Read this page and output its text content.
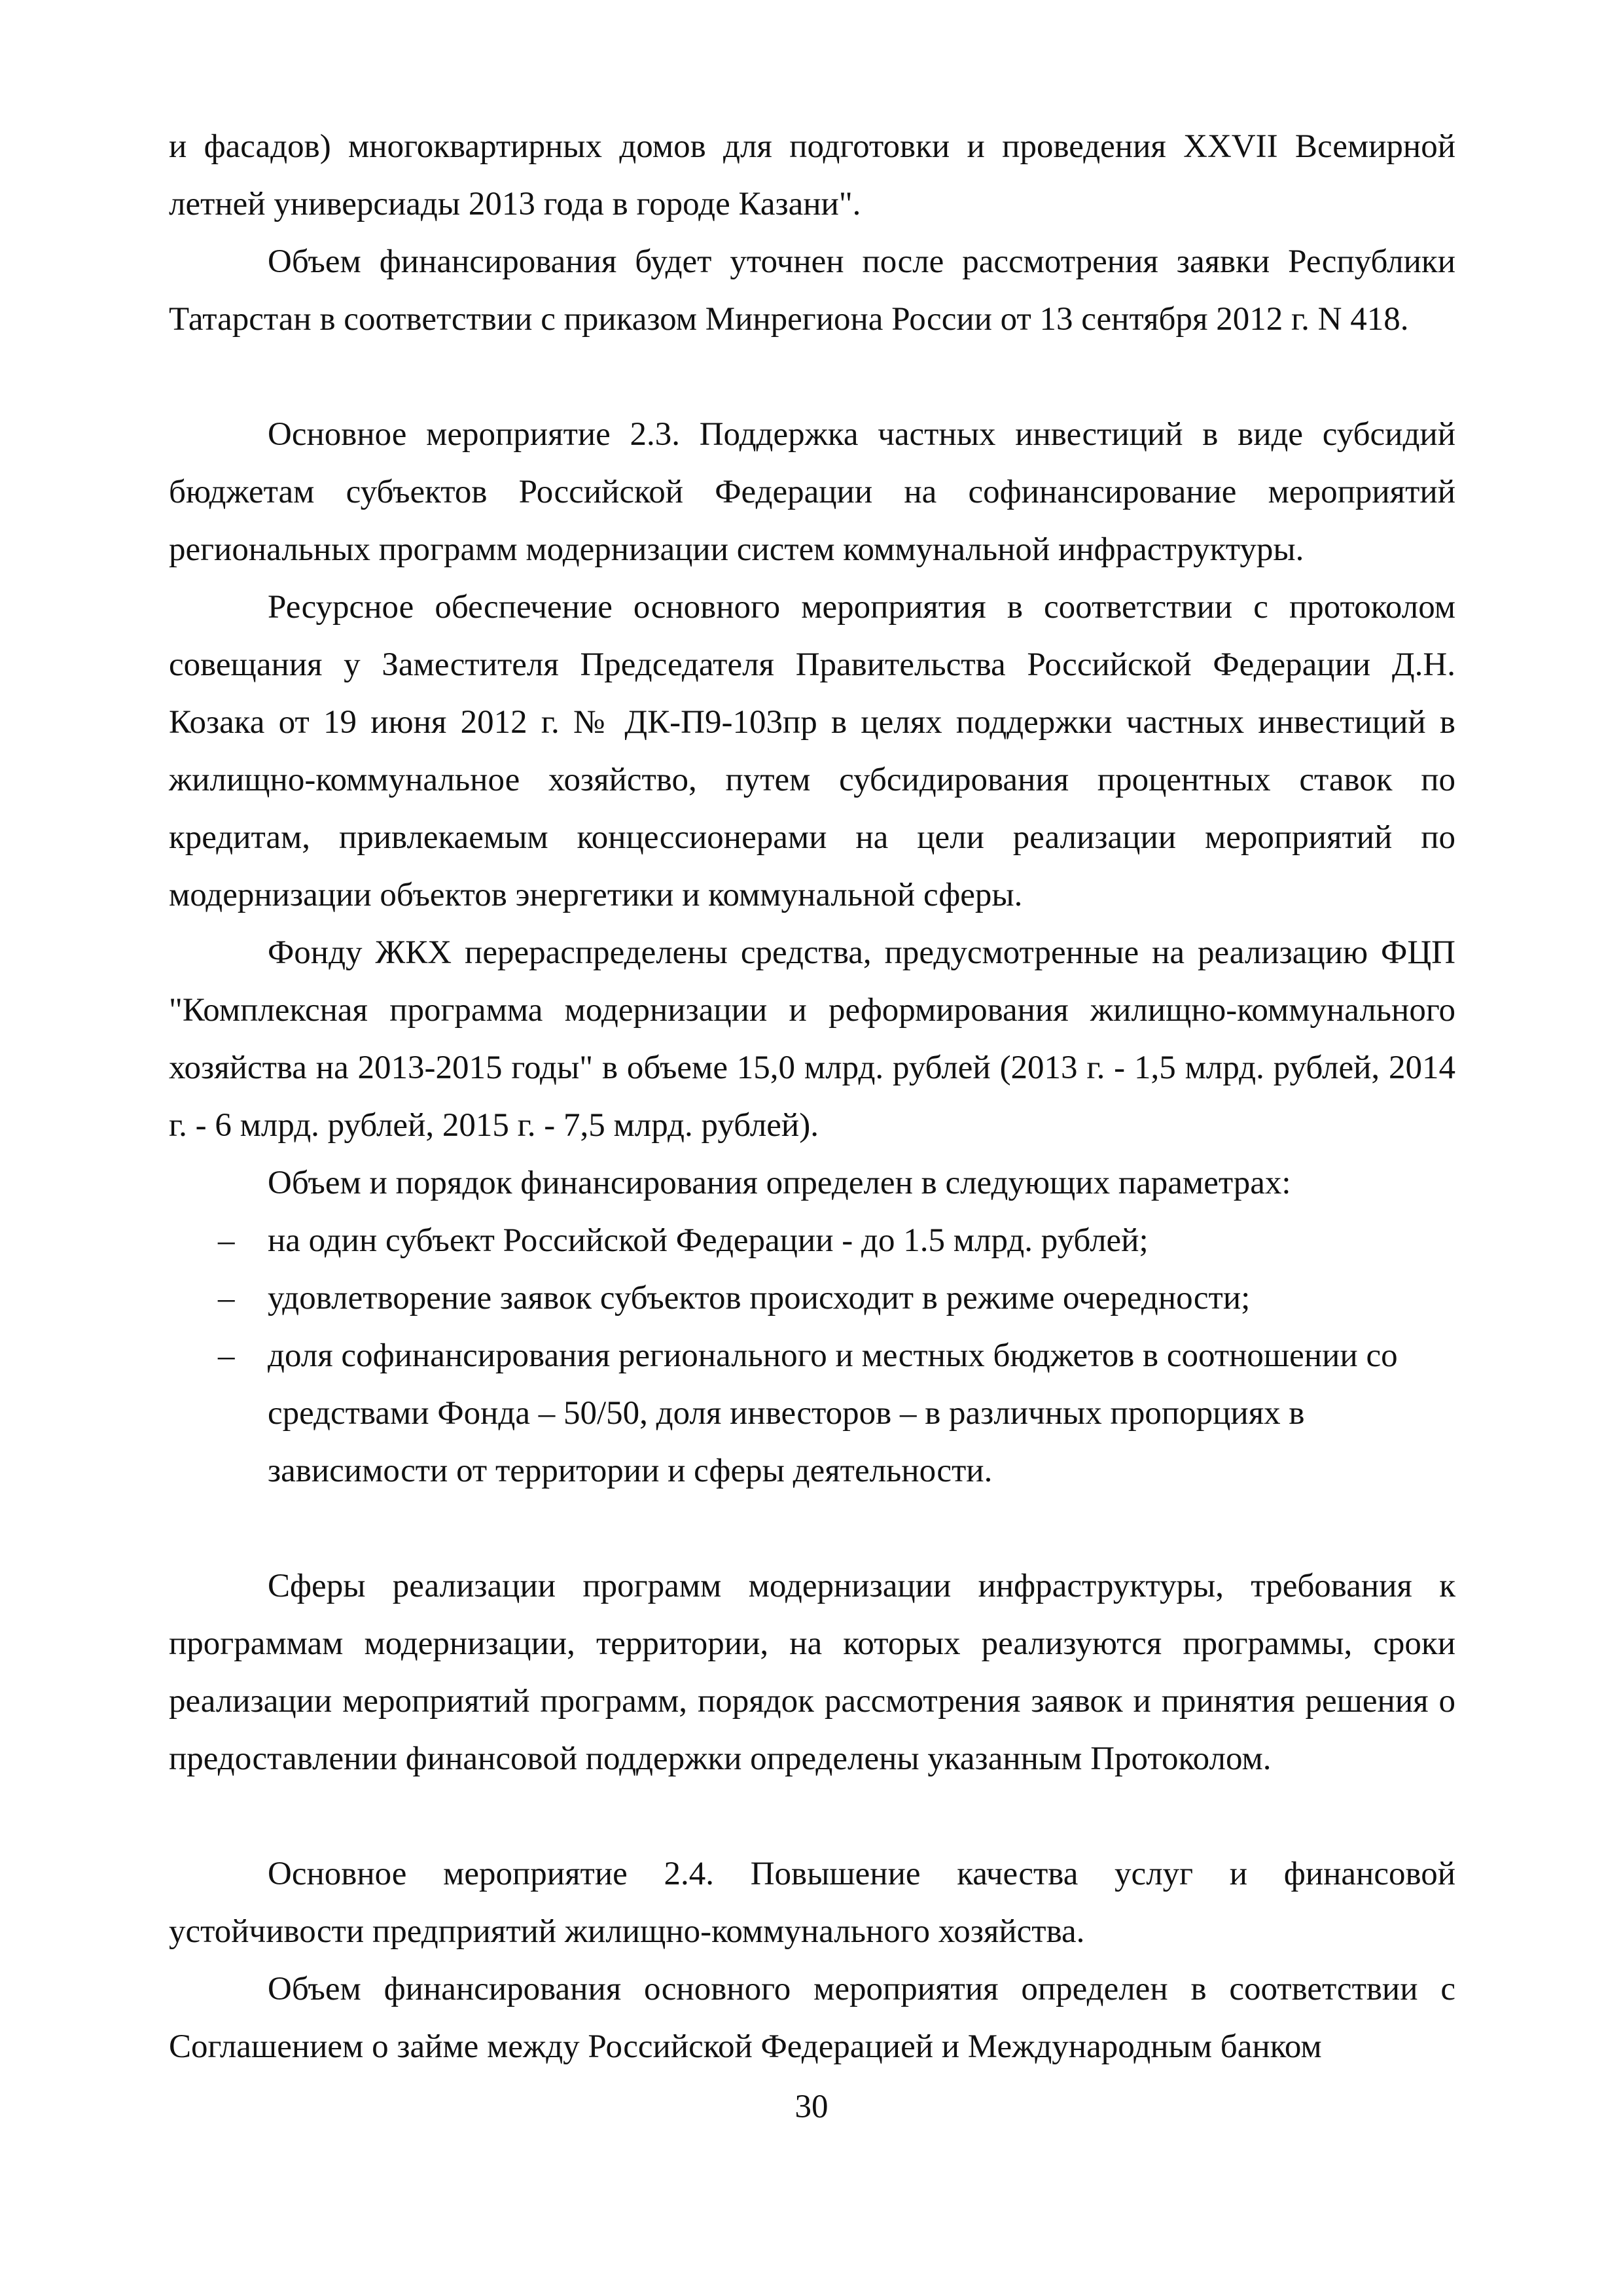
и фасадов) многоквартирных домов для подготовки и проведения XXVII Всемирной летней универсиады 2013 года в городе Казани".

Объем финансирования будет уточнен после рассмотрения заявки Республики Татарстан в соответствии с приказом Минрегиона России от 13 сентября 2012 г. N 418.

Основное мероприятие 2.3. Поддержка частных инвестиций в виде субсидий бюджетам субъектов Российской Федерации на софинансирование мероприятий региональных программ модернизации систем коммунальной инфраструктуры.

Ресурсное обеспечение основного мероприятия в соответствии с протоколом совещания у Заместителя Председателя Правительства Российской Федерации Д.Н. Козака от 19 июня 2012 г. № ДК-П9-103пр в целях поддержки частных инвестиций в жилищно-коммунальное хозяйство, путем субсидирования процентных ставок по кредитам, привлекаемым концессионерами на цели реализации мероприятий по модернизации объектов энергетики и коммунальной сферы.

Фонду ЖКХ перераспределены средства, предусмотренные на реализацию ФЦП "Комплексная программа модернизации и реформирования жилищно-коммунального хозяйства на 2013-2015 годы" в объеме 15,0 млрд. рублей (2013 г. - 1,5 млрд. рублей, 2014 г. - 6 млрд. рублей, 2015 г. - 7,5 млрд. рублей).

Объем и порядок финансирования определен в следующих параметрах:

– на один субъект Российской Федерации - до 1.5 млрд. рублей;
– удовлетворение заявок субъектов происходит в режиме очередности;
– доля софинансирования регионального и местных бюджетов в соотношении со средствами Фонда – 50/50, доля инвесторов – в различных пропорциях в зависимости от территории и сферы деятельности.

Сферы реализации программ модернизации инфраструктуры, требования к программам модернизации, территории, на которых реализуются программы, сроки реализации мероприятий программ, порядок рассмотрения заявок и принятия решения о предоставлении финансовой поддержки определены указанным Протоколом.

Основное мероприятие 2.4. Повышение качества услуг и финансовой устойчивости предприятий жилищно-коммунального хозяйства.

Объем финансирования основного мероприятия определен в соответствии с Соглашением о займе между Российской Федерацией и Международным банком

30
